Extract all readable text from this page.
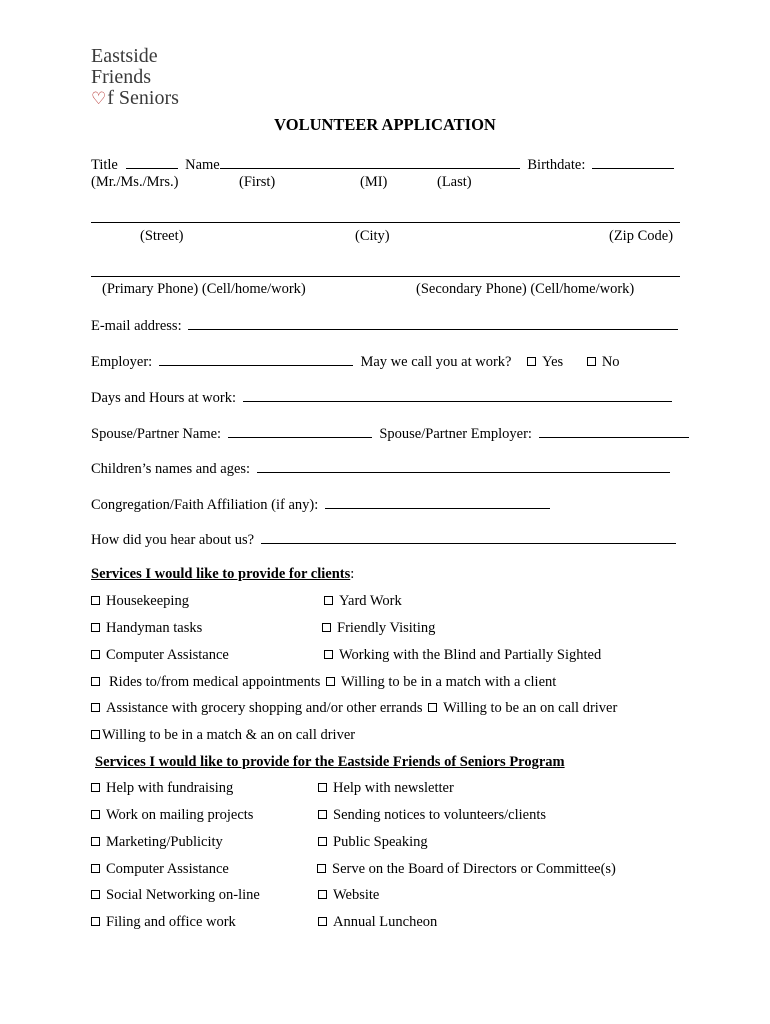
Eastside
Friends
♡f Seniors
VOLUNTEER APPLICATION
Title	Name	Birthdate:
(Mr./Ms./Mrs.)	(First)	(MI)	(Last)
(Street)	(City)	(Zip Code)
(Primary Phone) (Cell/home/work)	(Secondary Phone) (Cell/home/work)
E-mail address:
Employer:	May we call you at work? Yes	No
Days and Hours at work:
Spouse/Partner Name:	Spouse/Partner Employer:
Children’s names and ages:
Congregation/Faith Affiliation (if any):
How did you hear about us?
Services I would like to provide for clients:
Housekeeping	Yard Work
Handyman tasks	Friendly Visiting
Computer Assistance	Working with the Blind and Partially Sighted
Rides to/from medical appointments Willing to be in a match with a client
Assistance with grocery shopping and/or other errands Willing to be an on call driver
Willing to be in a match & an on call driver
Services I would like to provide for the Eastside Friends of Seniors Program
Help with fundraising	Help with newsletter
Work on mailing projects	Sending notices to volunteers/clients
Marketing/Publicity	Public Speaking
Computer Assistance	Serve on the Board of Directors or Committee(s)
Social Networking on-line	Website
Filing and office work	Annual Luncheon
